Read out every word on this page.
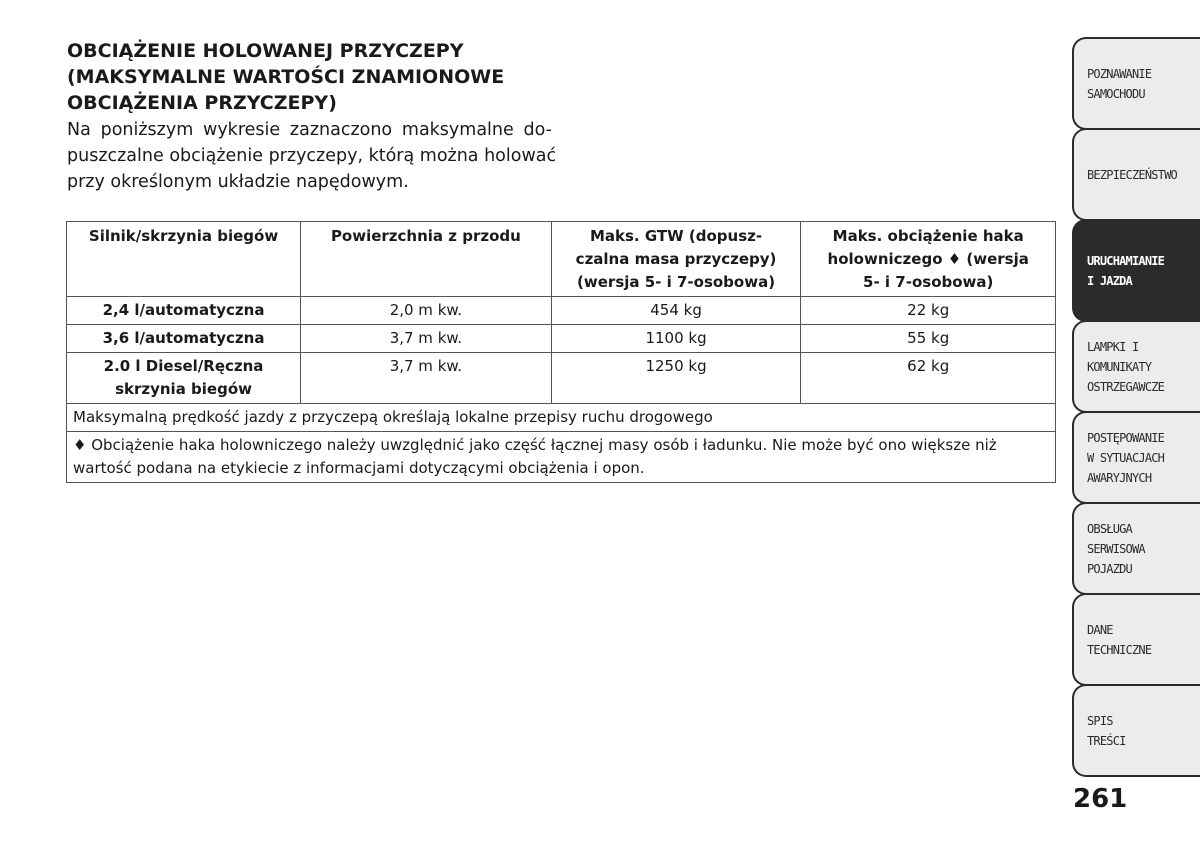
OBCIĄŻENIE HOLOWANEJ PRZYCZEPY
(MAKSYMALNE WARTOŚCI ZNAMIONOWE
OBCIĄŻENIA PRZYCZEPY)

Na poniższym wykresie zaznaczono maksymalne do-
puszczalne obciążenie przyczepy, którą można holować
przy określonym układzie napędowym.

Silnik/skrzynia biegów	Powierzchnia z przodu	Maks. GTW (dopusz-
czalna masa przyczepy)
(wersja 5- i 7-osobowa)	Maks. obciążenie haka
holowniczego ♦ (wersja
5- i 7-osobowa)
2,4 l/automatyczna	2,0 m kw.	454 kg	22 kg
3,6 l/automatyczna	3,7 m kw.	1100 kg	55 kg
2.0 l Diesel/Ręczna
skrzynia biegów	3,7 m kw.	1250 kg	62 kg
Maksymalną prędkość jazdy z przyczepą określają lokalne przepisy ruchu drogowego			
♦ Obciążenie haka holowniczego należy uwzględnić jako część łącznej masy osób i ładunku. Nie może być ono większe niż wartość podana na etykiecie z informacjami dotyczącymi obciążenia i opon.			
POZNAWANIE
SAMOCHODU
BEZPIECZEŃSTWO
URUCHAMIANIE
I JAZDA
LAMPKI I
KOMUNIKATY
OSTRZEGAWCZE
POSTĘPOWANIE
W SYTUACJACH
AWARYJNYCH
OBSŁUGA
SERWISOWA
POJAZDU
DANE
TECHNICZNE
SPIS
TREŚCI
261
